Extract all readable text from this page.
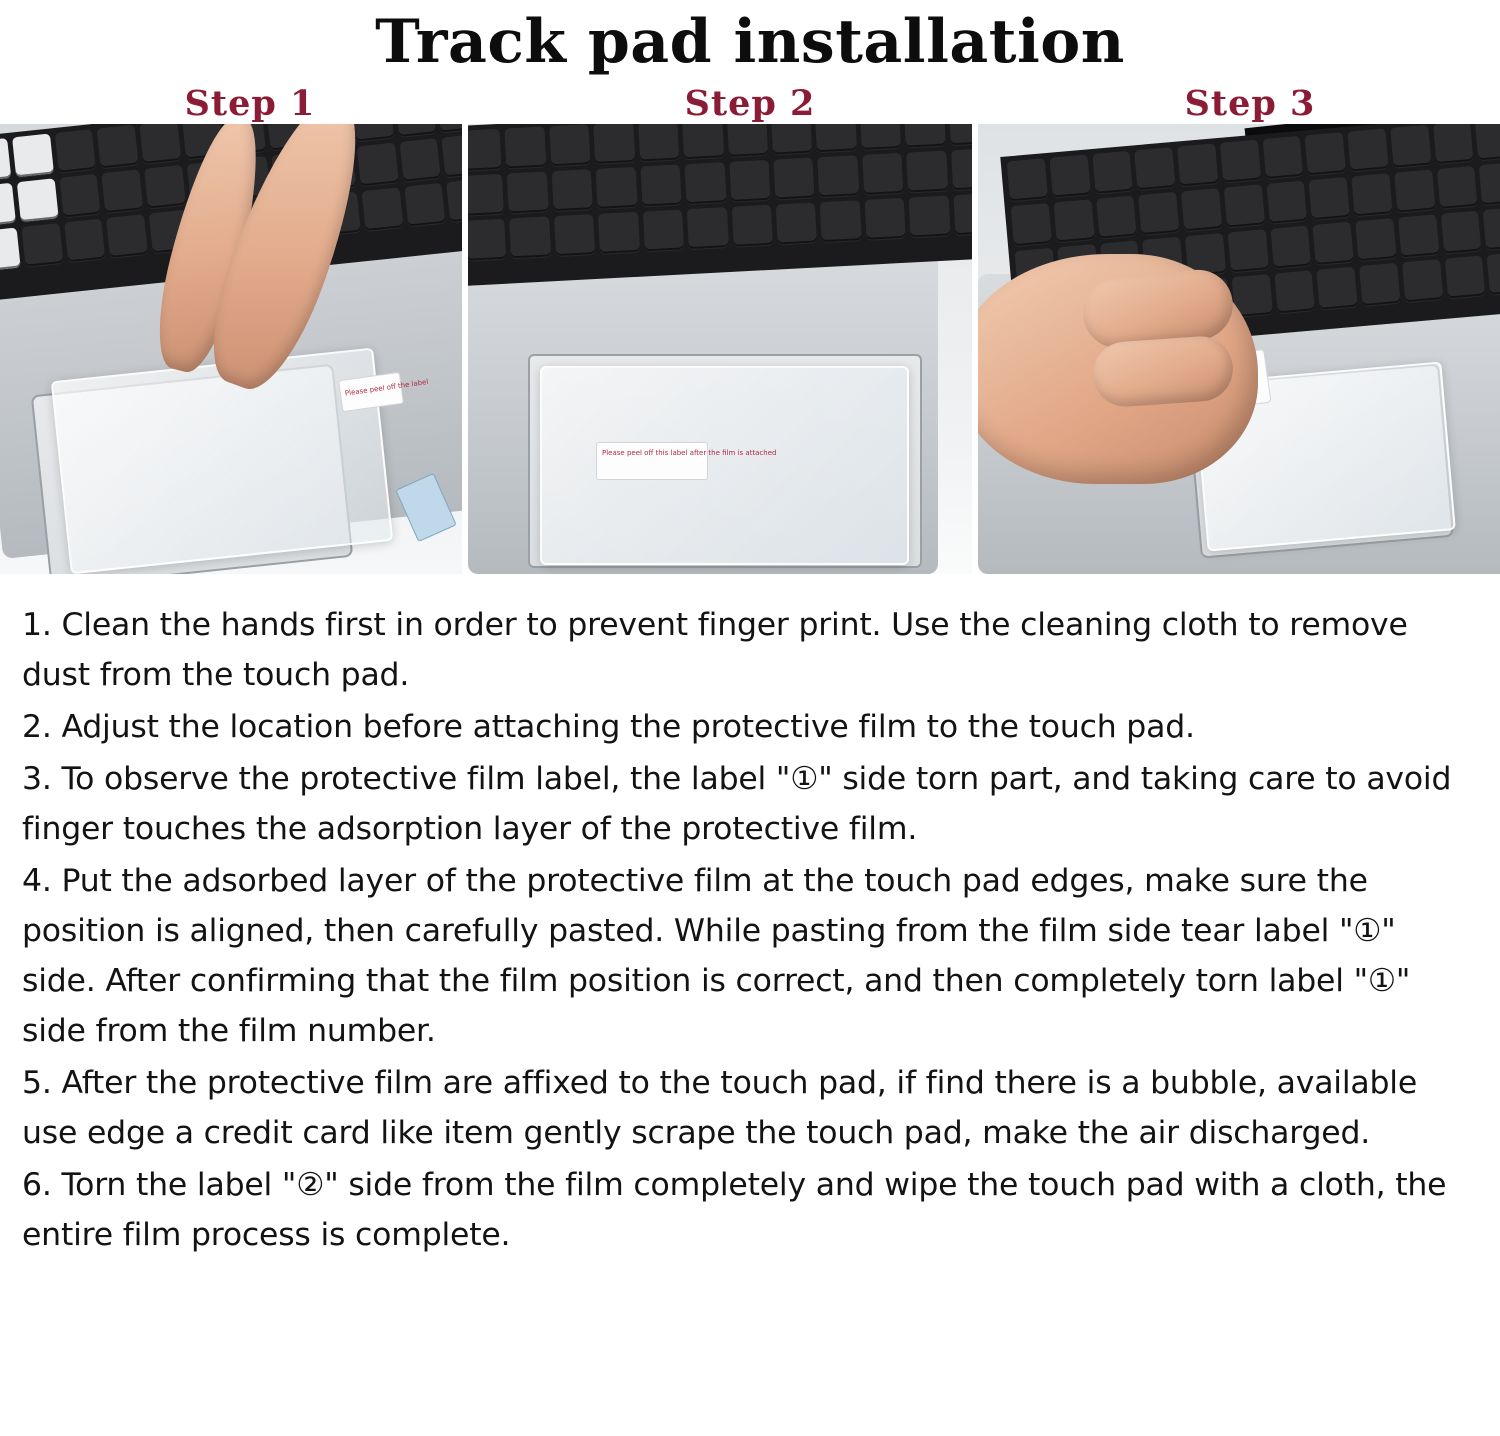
Track pad installation
Step 1	Step 2	Step 3
Please peel off the label
Please peel off this label after the film is attached

1. Clean the hands first in order to prevent finger print. Use the cleaning cloth to remove dust from the touch pad.

2. Adjust the location before attaching the protective film to the touch pad.

3. To observe the protective film label, the label "①" side torn part, and taking care to avoid finger touches the adsorption layer of the protective film.

4. Put the adsorbed layer of the protective film at the touch pad edges, make sure the position is aligned, then carefully pasted. While pasting from the film side tear label "①" side. After confirming that the film position is correct, and then completely torn label "①" side from the film number.

5. After the protective film are affixed to the touch pad, if find there is a bubble, available use edge a credit card like item gently scrape the touch pad, make the air discharged.

6. Torn the label "②" side from the film completely and wipe the touch pad with a cloth, the entire film process is complete.
